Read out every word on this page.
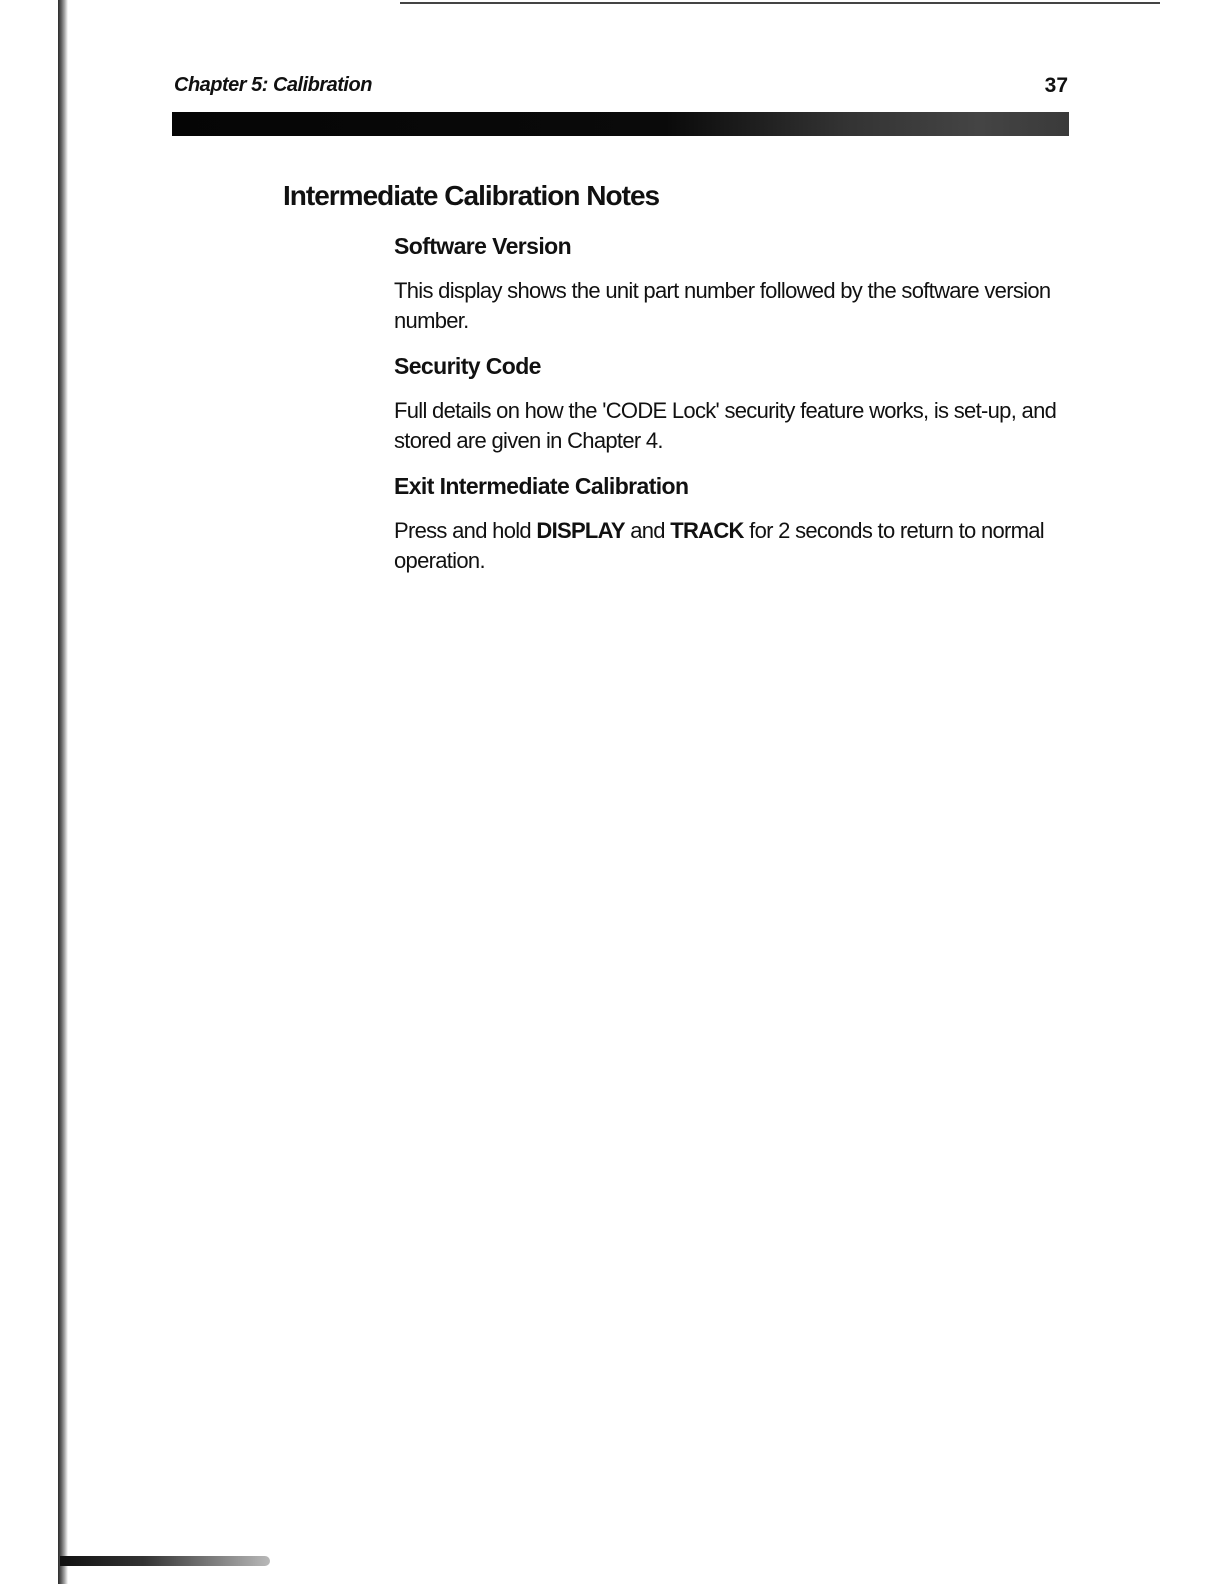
Chapter 5: Calibration	37
Intermediate Calibration Notes
Software Version

This display shows the unit part number followed by the software version number.

Security Code

Full details on how the 'CODE Lock' security feature works, is set-up, and stored are given in Chapter 4.

Exit Intermediate Calibration

Press and hold DISPLAY and TRACK for 2 seconds to return to normal operation.
